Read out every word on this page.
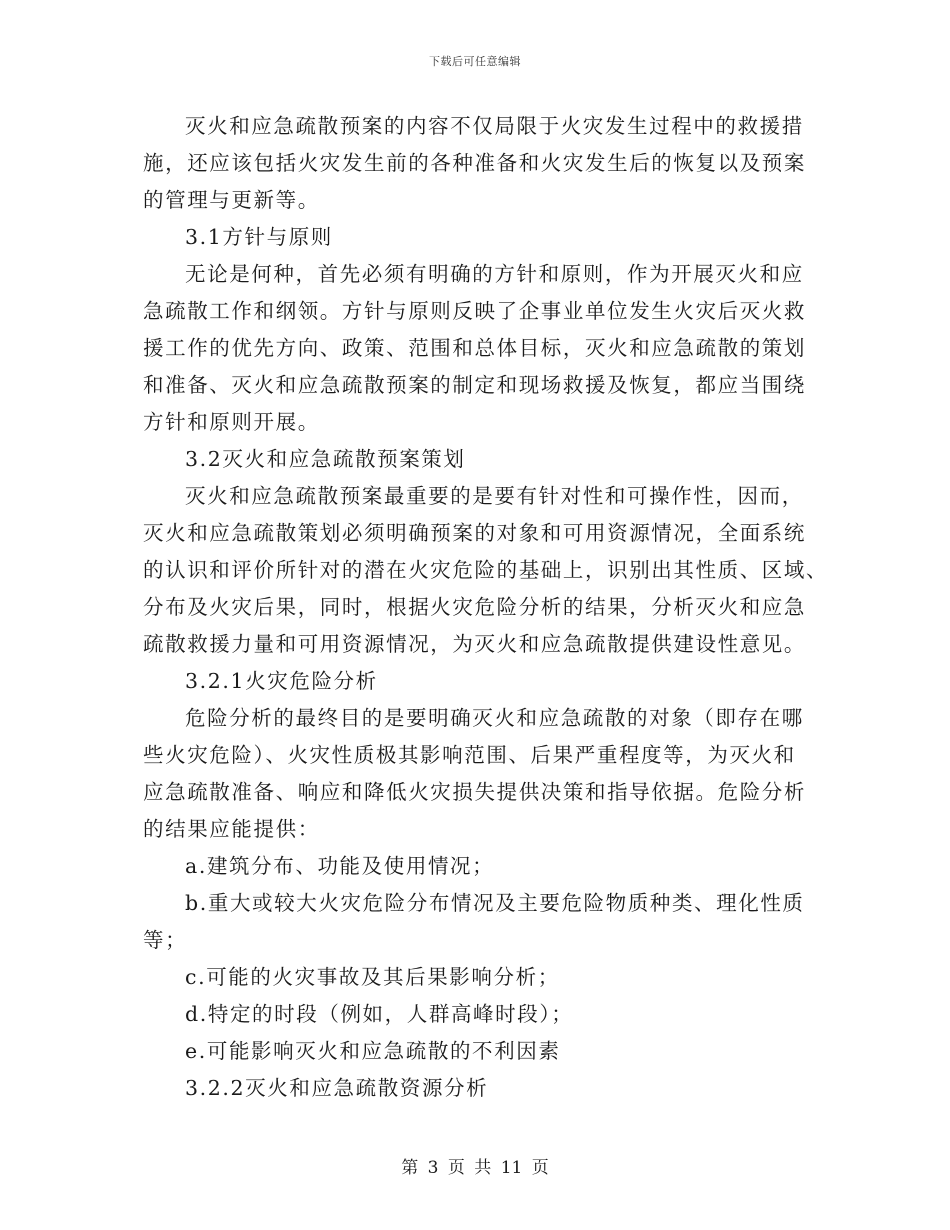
下载后可任意编辑
灭火和应急疏散预案的内容不仅局限于火灾发生过程中的救援措
施，还应该包括火灾发生前的各种准备和火灾发生后的恢复以及预案
的管理与更新等。
3.1方针与原则
无论是何种，首先必须有明确的方针和原则，作为开展灭火和应
急疏散工作和纲领。方针与原则反映了企事业单位发生火灾后灭火救
援工作的优先方向、政策、范围和总体目标，灭火和应急疏散的策划
和准备、灭火和应急疏散预案的制定和现场救援及恢复，都应当围绕
方针和原则开展。
3.2灭火和应急疏散预案策划
灭火和应急疏散预案最重要的是要有针对性和可操作性，因而，
灭火和应急疏散策划必须明确预案的对象和可用资源情况，全面系统
的认识和评价所针对的潜在火灾危险的基础上，识别出其性质、区域、
分布及火灾后果，同时，根据火灾危险分析的结果，分析灭火和应急
疏散救援力量和可用资源情况，为灭火和应急疏散提供建设性意见。
3.2.1火灾危险分析
危险分析的最终目的是要明确灭火和应急疏散的对象（即存在哪
些火灾危险）、火灾性质极其影响范围、后果严重程度等，为灭火和
应急疏散准备、响应和降低火灾损失提供决策和指导依据。危险分析
的结果应能提供：
a.建筑分布、功能及使用情况；
b.重大或较大火灾危险分布情况及主要危险物质种类、理化性质
等；
c.可能的火灾事故及其后果影响分析；
d.特定的时段（例如，人群高峰时段）；
e.可能影响灭火和应急疏散的不利因素
3.2.2灭火和应急疏散资源分析
第 3 页 共 11 页
